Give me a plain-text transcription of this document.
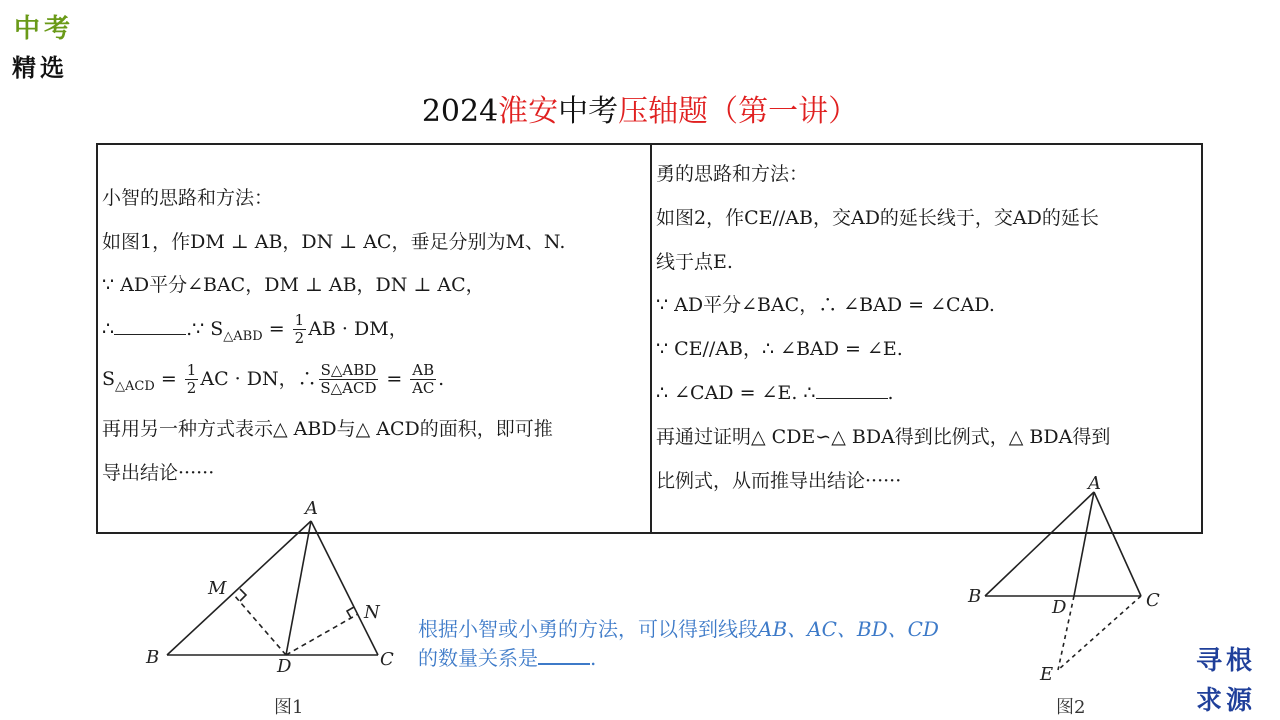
中考
精选
2024淮安中考压轴题（第一讲）
小智的思路和方法：
如图1，作DM ⊥ AB，DN ⊥ AC，垂足分别为M、N.
∵ AD平分∠BAC，DM ⊥ AB，DN ⊥ AC，
∴	.∵ $S_{\triangle ABD} = \frac{1}{2}$ AB · DM，
$S_{\triangle ACD} = \frac{1}{2}$ AC · DN，∴ $\frac{\text{S△ABD}}{\text{S△ACD}} = \frac{AB}{AC}$ .
再用另一种方式表示△ ABD与△ ACD的面积，即可推
导出结论······
勇的思路和方法：
如图2，作CE//AB，交AD的延长线于，交AD的延长
线于点E.
∵ AD平分∠BAC，∴ ∠BAD = ∠CAD.
∵ CE//AB，∴ ∠BAD = ∠E.
∴ ∠CAD = ∠E. ∴	.
再通过证明△ CDE∽△ BDA得到比例式，△ BDA得到
比例式，从而推导出结论······
A
B	C
D
M
N
图1
A
B	C
D
E
图2
根据小智或小勇的方法，可以得到线段AB、AC、BD、CD
的数量关系是	.	寻根
求源
